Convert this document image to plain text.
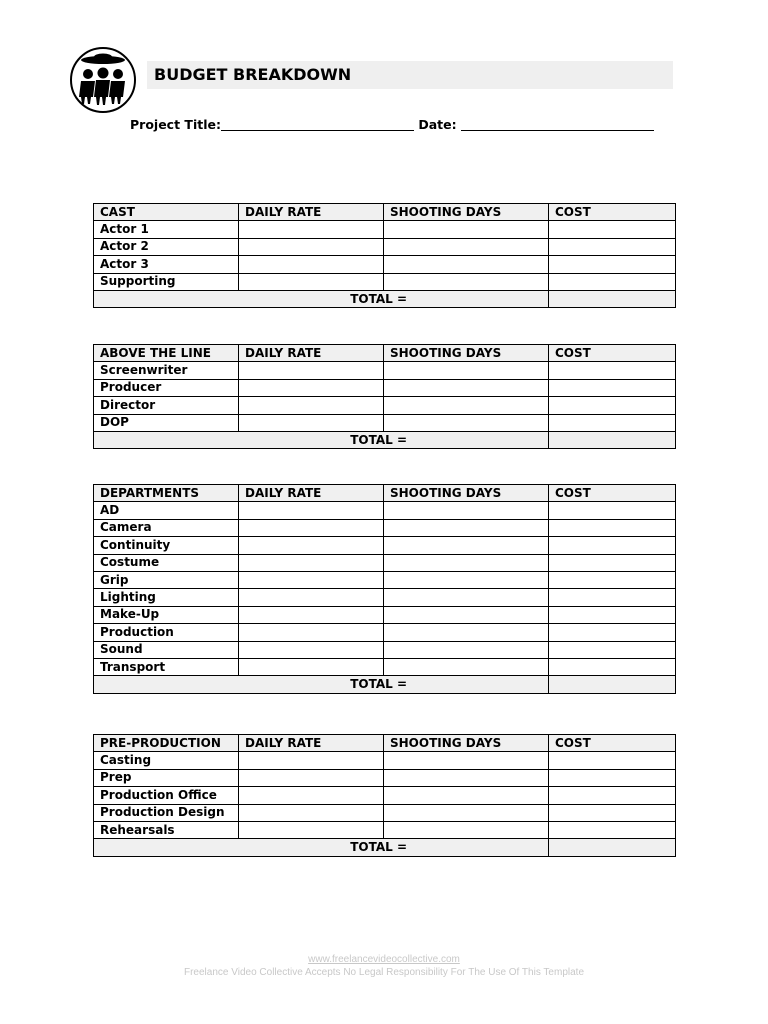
BUDGET BREAKDOWN
Project Title:	Date:
CAST	DAILY RATE	SHOOTING DAYS	COST
Actor 1			
Actor 2			
Actor 3			
Supporting			
TOTAL =			
ABOVE THE LINE	DAILY RATE	SHOOTING DAYS	COST
Screenwriter			
Producer			
Director			
DOP			
TOTAL =			
DEPARTMENTS	DAILY RATE	SHOOTING DAYS	COST
AD			
Camera			
Continuity			
Costume			
Grip			
Lighting			
Make-Up			
Production			
Sound			
Transport			
TOTAL =			
PRE-PRODUCTION	DAILY RATE	SHOOTING DAYS	COST
Casting			
Prep			
Production Office			
Production Design			
Rehearsals			
TOTAL =			
www.freelancevideocollective.com
Freelance Video Collective Accepts No Legal Responsibility For The Use Of This Template
